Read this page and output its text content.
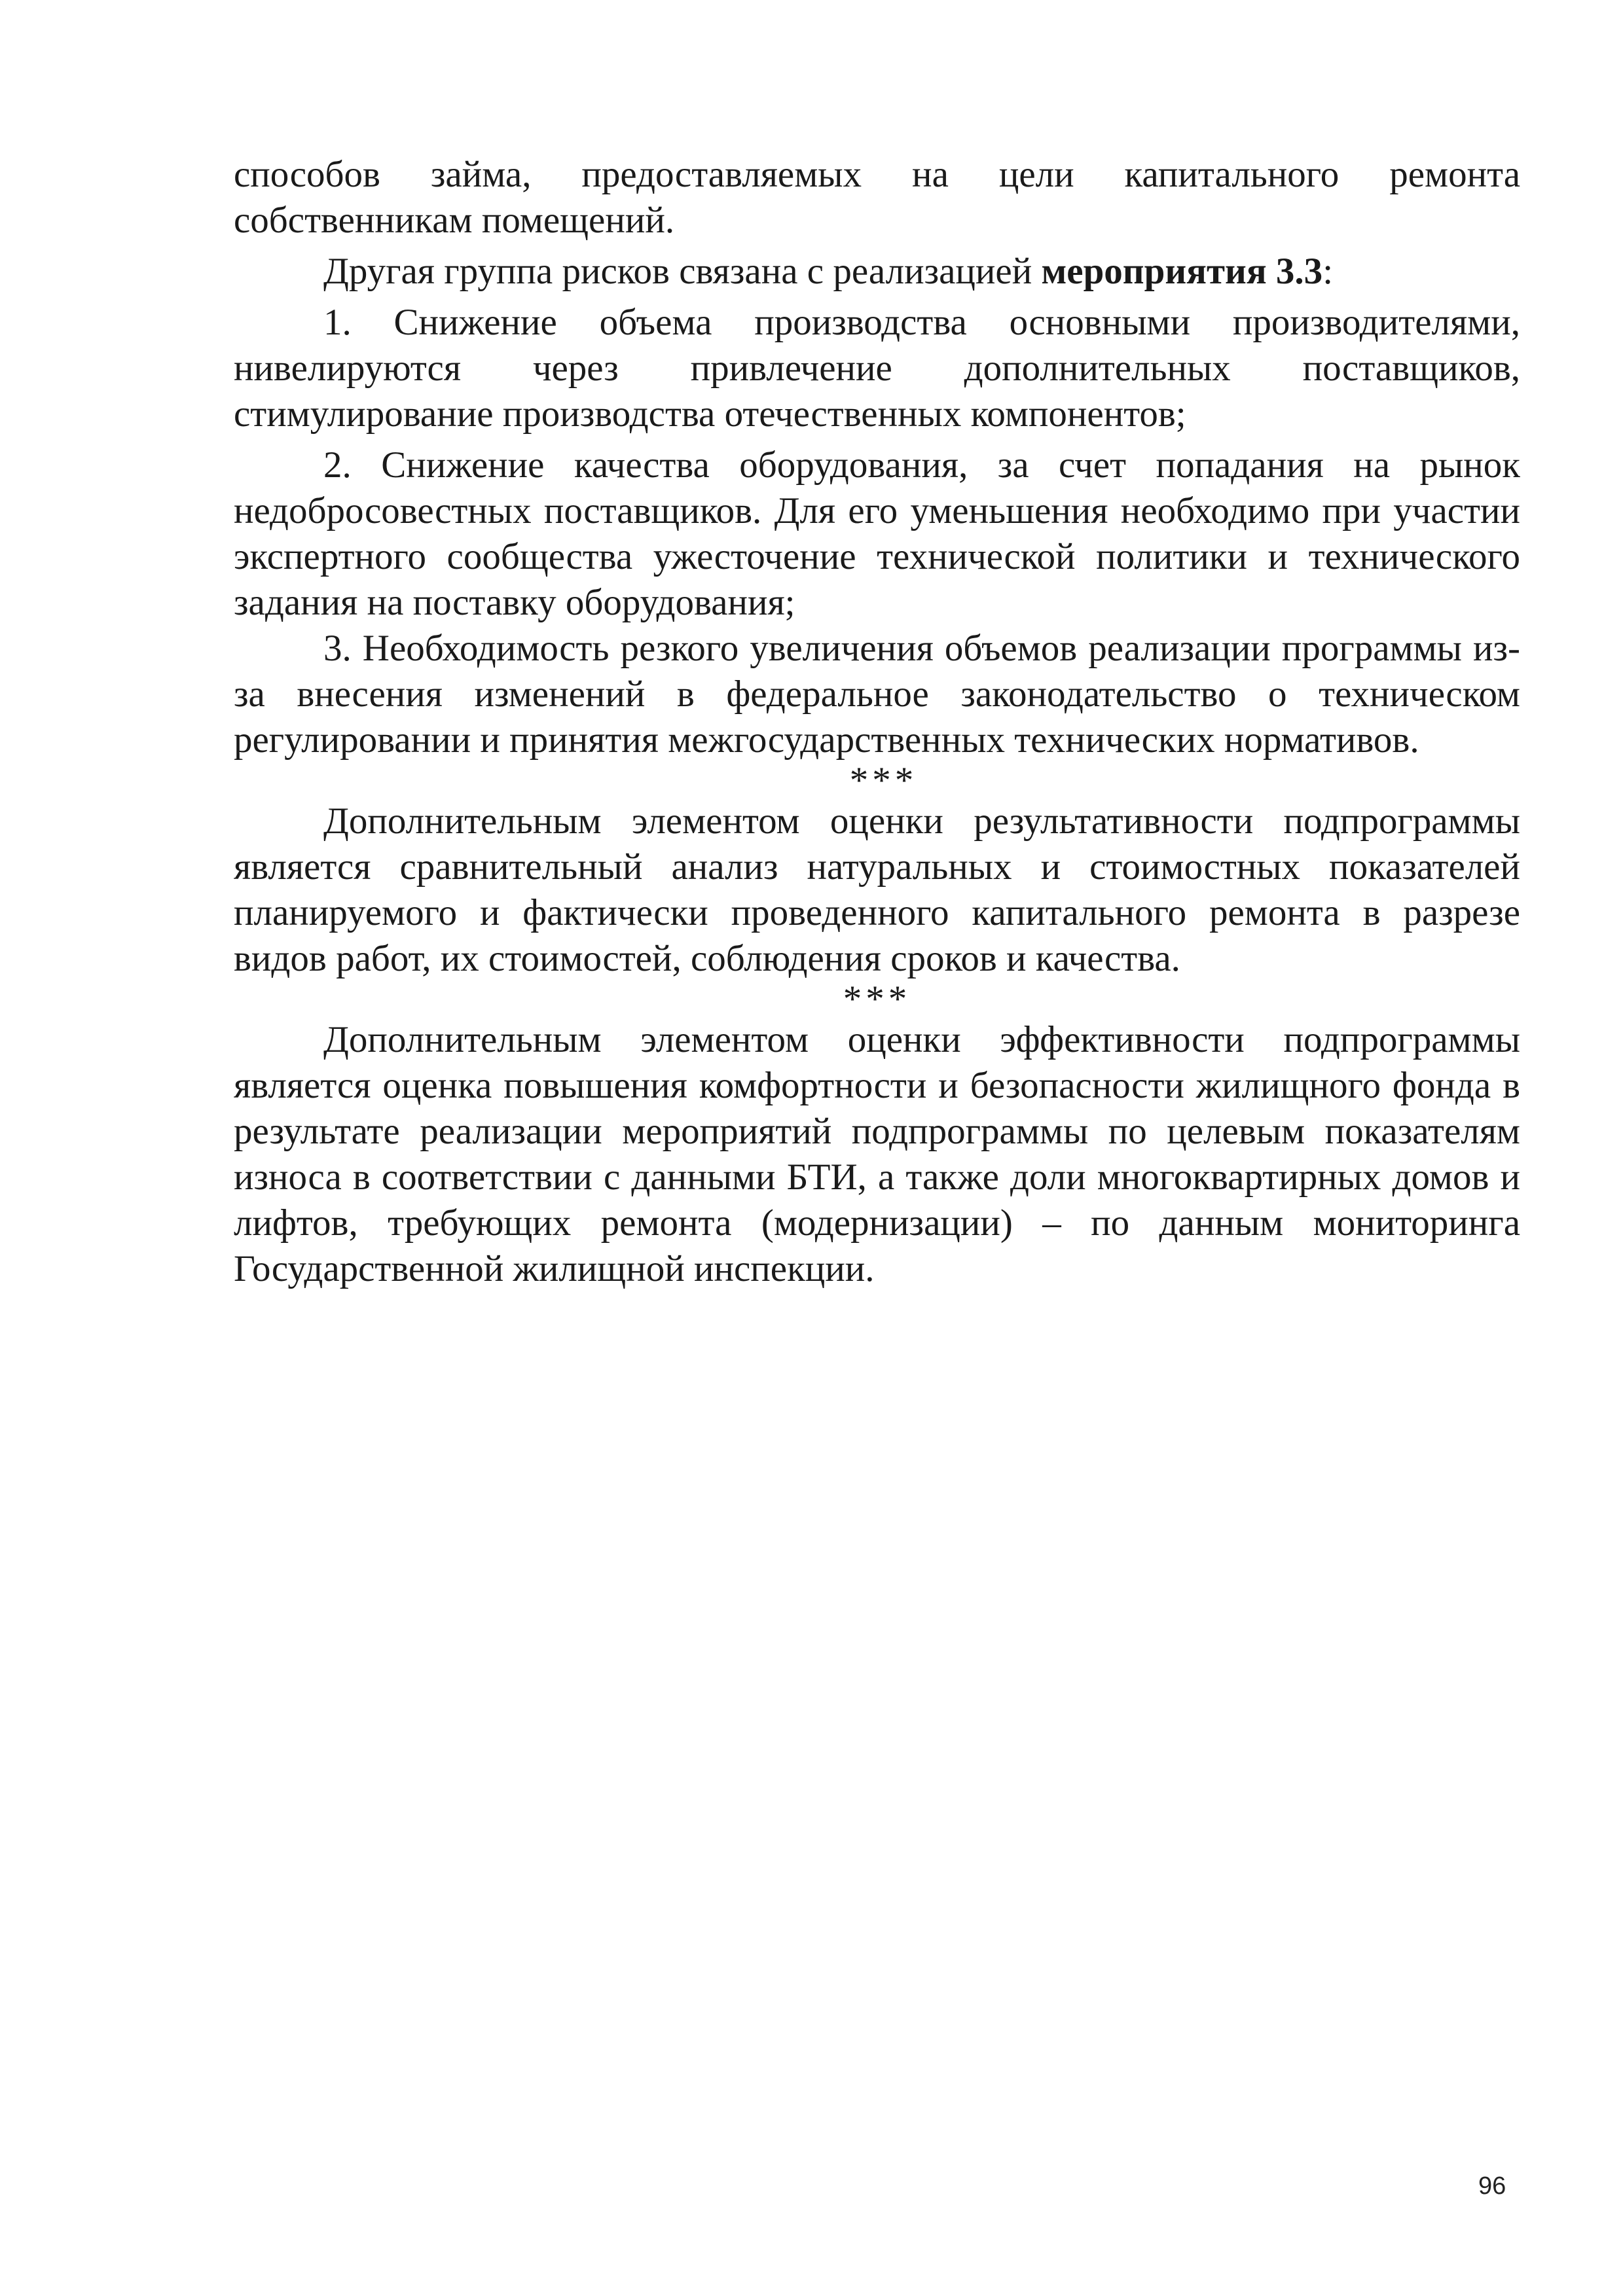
способов займа, предоставляемых на цели капитального ремонта собственникам помещений.

Другая группа рисков связана с реализацией мероприятия 3.3:

1. Снижение объема производства основными производителями, нивелируются через привлечение дополнительных поставщиков, стимулирование производства отечественных компонентов;

2. Снижение качества оборудования, за счет попадания на рынок недобросовестных поставщиков. Для его уменьшения необходимо при участии экспертного сообщества ужесточение технической политики и технического задания на поставку оборудования;

3. Необходимость резкого увеличения объемов реализации программы из-за внесения изменений в федеральное законодательство о техническом регулировании и принятия межгосударственных технических нормативов.

***

Дополнительным элементом оценки результативности подпрограммы является сравнительный анализ натуральных и стоимостных показателей планируемого и фактически проведенного капитального ремонта в разрезе видов работ, их стоимостей, соблюдения сроков и качества.

***

Дополнительным элементом оценки эффективности подпрограммы является оценка повышения комфортности и безопасности жилищного фонда в результате реализации мероприятий подпрограммы по целевым показателям износа в соответствии с данными БТИ, а также доли многоквартирных домов и лифтов, требующих ремонта (модернизации) – по данным мониторинга Государственной жилищной инспекции.

96
